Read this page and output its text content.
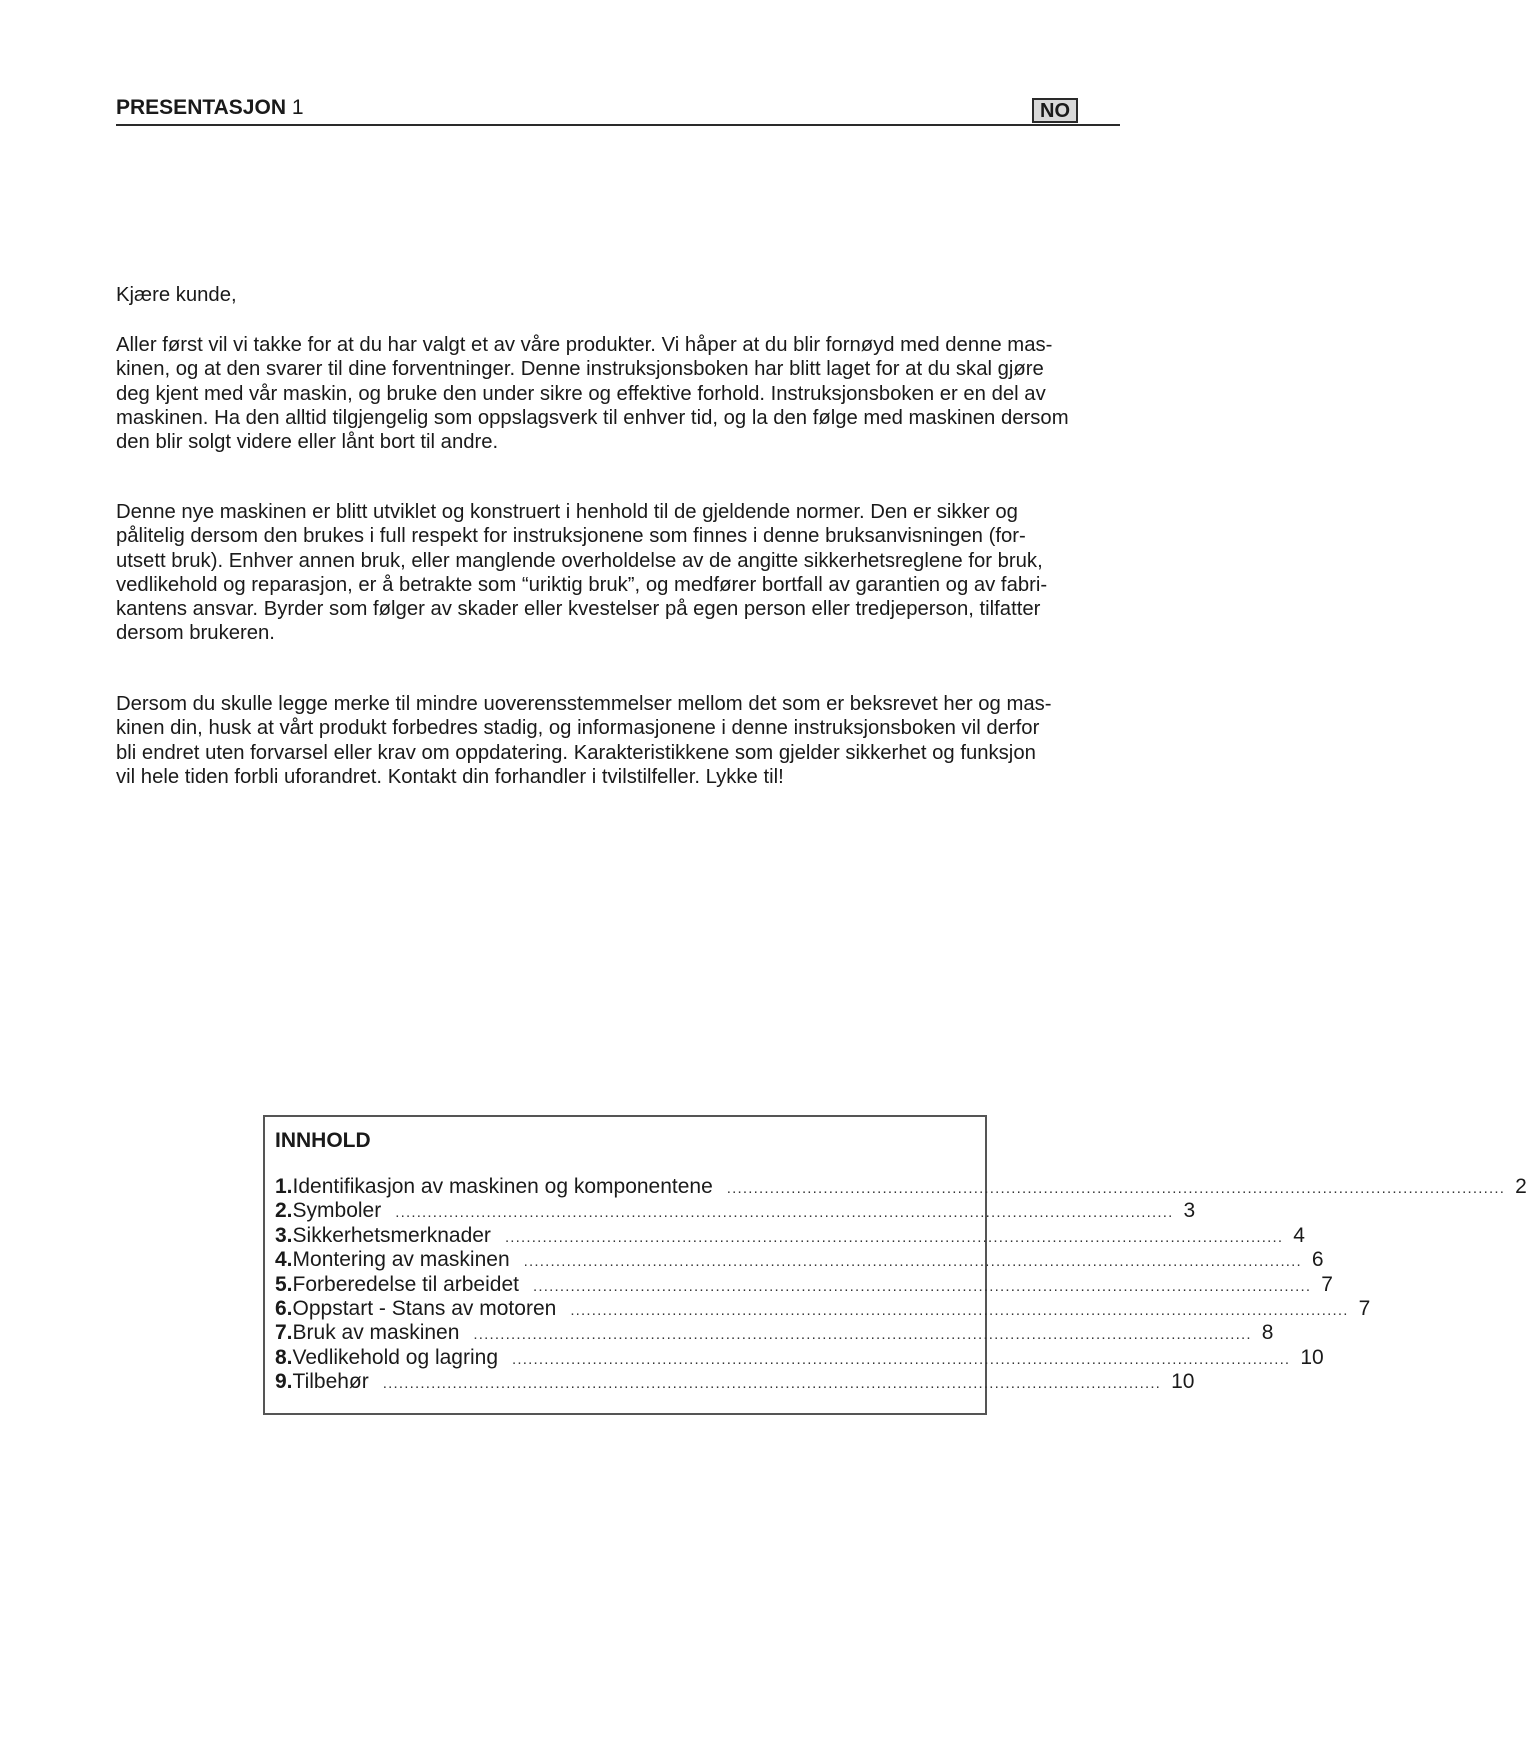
PRESENTASJON 1	NO

Kjære kunde,

Aller først vil vi takke for at du har valgt et av våre produkter. Vi håper at du blir fornøyd med denne mas-

kinen, og at den svarer til dine forventninger. Denne instruksjonsboken har blitt laget for at du skal gjøre

deg kjent med vår maskin, og bruke den under sikre og effektive forhold. Instruksjonsboken er en del av

maskinen. Ha den alltid tilgjengelig som oppslagsverk til enhver tid, og la den følge med maskinen dersom

den blir solgt videre eller lånt bort til andre.

Denne nye maskinen er blitt utviklet og konstruert i henhold til de gjeldende normer. Den er sikker og

pålitelig dersom den brukes i full respekt for instruksjonene som finnes i denne bruksanvisningen (for-

utsett bruk). Enhver annen bruk, eller manglende overholdelse av de angitte sikkerhetsreglene for bruk,

vedlikehold og reparasjon, er å betrakte som “uriktig bruk”, og medfører bortfall av garantien og av fabri-

kantens ansvar. Byrder som følger av skader eller kvestelser på egen person eller tredjeperson, tilfatter

dersom brukeren.

Dersom du skulle legge merke til mindre uoverensstemmelser mellom det som er beksrevet her og mas-

kinen din, husk at vårt produkt forbedres stadig, og informasjonene i denne instruksjonsboken vil derfor

bli endret uten forvarsel eller krav om oppdatering. Karakteristikkene som gjelder sikkerhet og funksjon

vil hele tiden forbli uforandret. Kontakt din forhandler i tvilstilfeller. Lykke til!

INNHOLD
1. Identifikasjon av maskinen og komponentene ................................................................................................................................................. 2
2. Symboler ................................................................................................................................................. 3
3. Sikkerhetsmerknader ................................................................................................................................................. 4
4. Montering av maskinen ................................................................................................................................................. 6
5. Forberedelse til arbeidet ................................................................................................................................................. 7
6. Oppstart - Stans av motoren ................................................................................................................................................. 7
7. Bruk av maskinen ................................................................................................................................................. 8
8. Vedlikehold og lagring ................................................................................................................................................. 10
9. Tilbehør ................................................................................................................................................. 10
